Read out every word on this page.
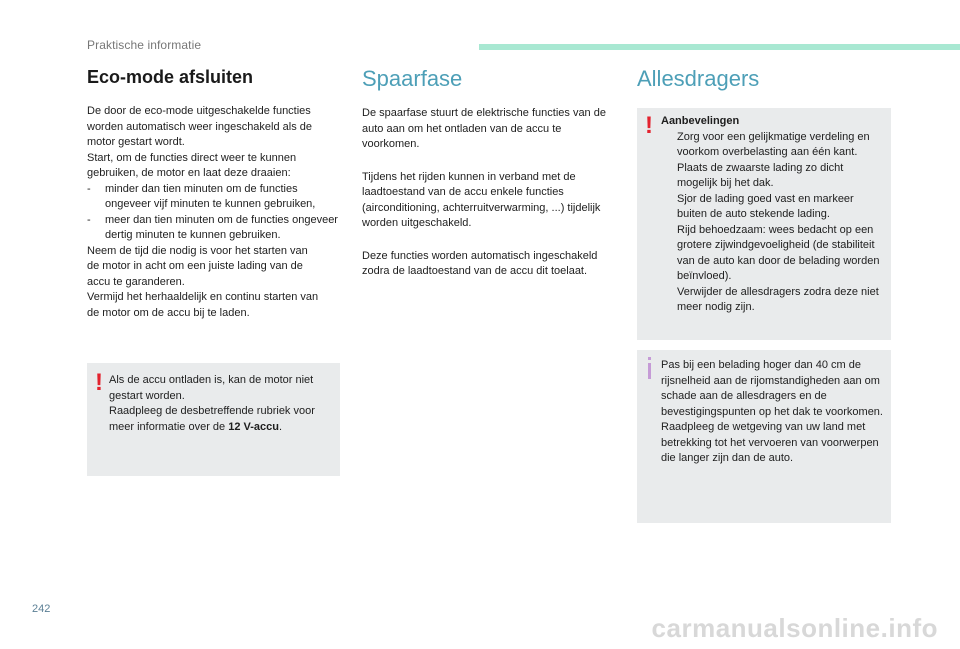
Praktische informatie
Eco-mode afsluiten
De door de eco-mode uitgeschakelde functies
worden automatisch weer ingeschakeld als de
motor gestart wordt.
Start, om de functies direct weer te kunnen
gebruiken, de motor en laat deze draaien:
- minder dan tien minuten om de functies ongeveer vijf minuten te kunnen gebruiken,
- meer dan tien minuten om de functies ongeveer dertig minuten te kunnen gebruiken.
Neem de tijd die nodig is voor het starten van
de motor in acht om een juiste lading van de
accu te garanderen.
Vermijd het herhaaldelijk en continu starten van
de motor om de accu bij te laden.
! Als de accu ontladen is, kan de motor niet gestart worden.
Raadpleeg de desbetreffende rubriek voor meer informatie over de 12 V-accu.
Spaarfase

De spaarfase stuurt de elektrische functies van de auto aan om het ontladen van de accu te voorkomen.

Tijdens het rijden kunnen in verband met de laadtoestand van de accu enkele functies (airconditioning, achterruitverwarming, ...) tijdelijk worden uitgeschakeld.

Deze functies worden automatisch ingeschakeld zodra de laadtoestand van de accu dit toelaat.

Allesdragers
! Aanbevelingen
Zorg voor een gelijkmatige verdeling en voorkom overbelasting aan één kant.
Plaats de zwaarste lading zo dicht mogelijk bij het dak.
Sjor de lading goed vast en markeer buiten de auto stekende lading.
Rijd behoedzaam: wees bedacht op een grotere zijwindgevoeligheid (de stabiliteit van de auto kan door de belading worden beïnvloed).
Verwijder de allesdragers zodra deze niet meer nodig zijn.
Pas bij een belading hoger dan 40 cm de rijsnelheid aan de rijomstandigheden aan om schade aan de allesdragers en de bevestigingspunten op het dak te voorkomen.
Raadpleeg de wetgeving van uw land met betrekking tot het vervoeren van voorwerpen die langer zijn dan de auto.
242
carmanualsonline.info
